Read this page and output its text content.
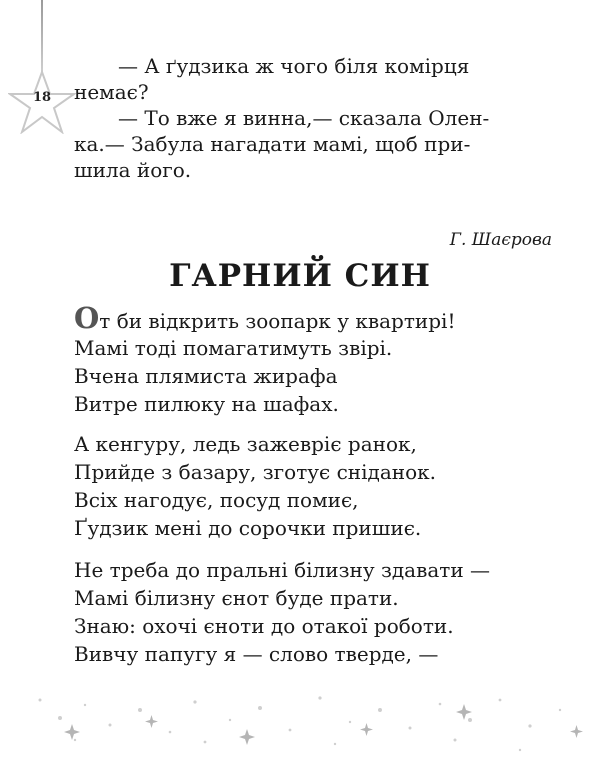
18
— А ґудзика ж чого біля комірця
немає?
— То вже я винна,— сказала Олен-
ка.— Забула нагадати мамі, щоб при-
шила його.
Г. Шаєрова
ГАРНИЙ СИН
От би відкрить зоопарк у квартирі!
Мамі тоді помагатимуть звірі.
Вчена плямиста жирафа
Витре пилюку на шафах.
А кенгуру, ледь зажевріє ранок,
Прийде з базару, зготує сніданок.
Всіх нагодує, посуд помиє,
Ґудзик мені до сорочки пришиє.
Не треба до пральні білизну здавати —
Мамі білизну єнот буде прати.
Знаю: охочі єноти до отакої роботи.
Вивчу папугу я — слово тверде, —
